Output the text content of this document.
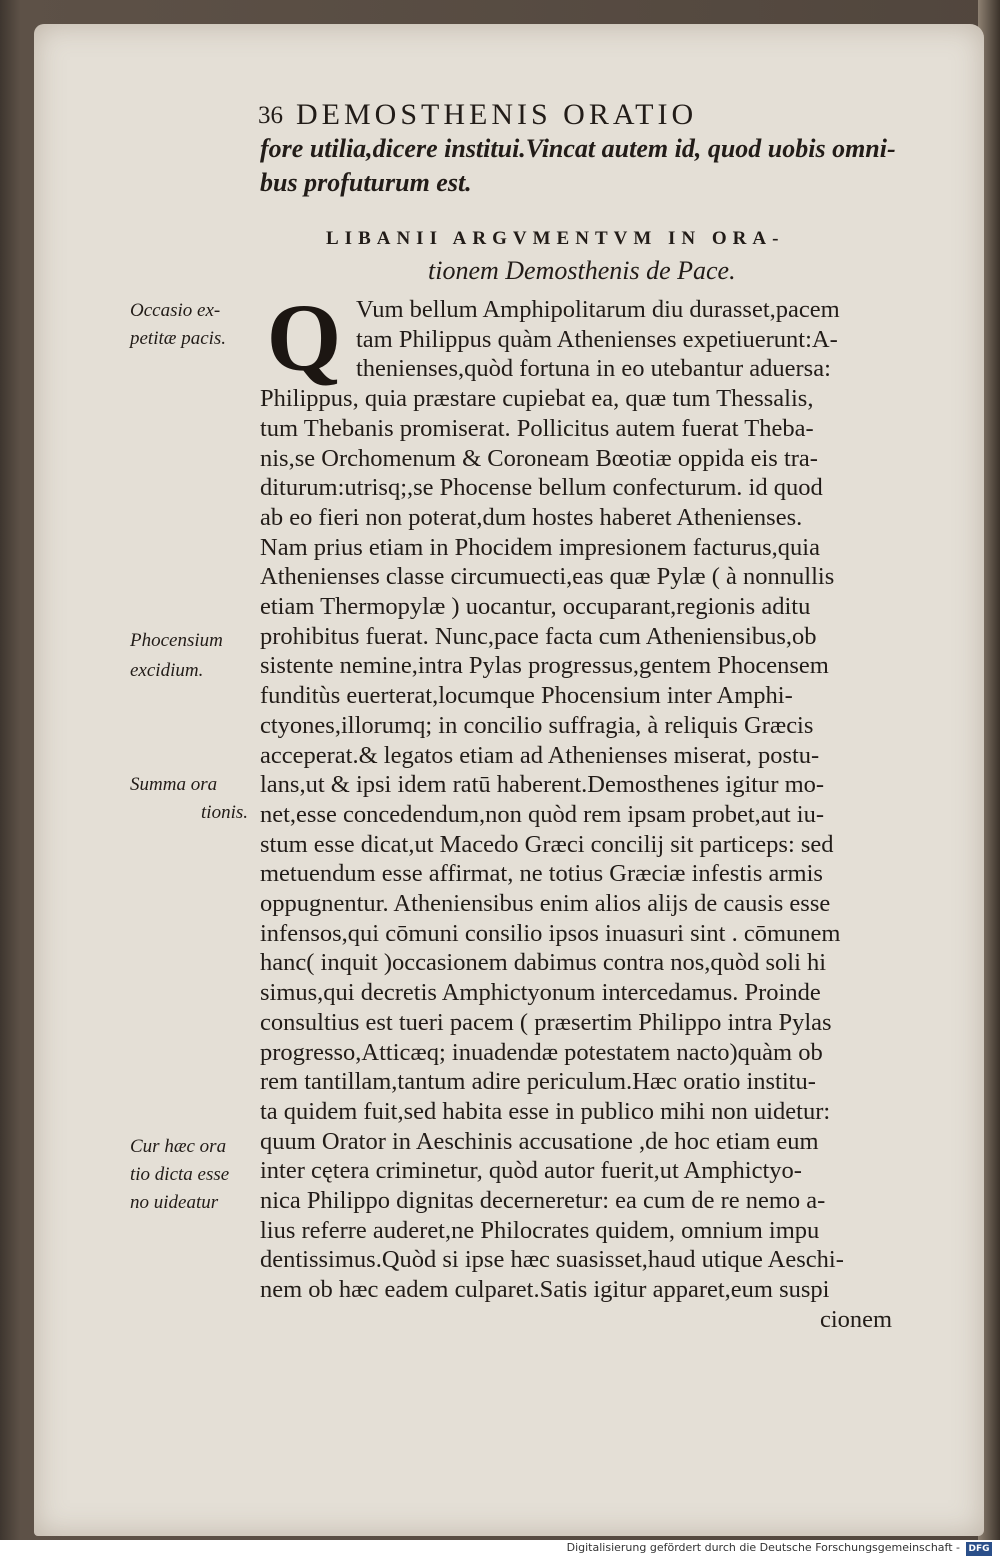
36 DEMOSTHENIS ORATIO
fore utilia,dicere institui.Vincat autem id, quod uobis omni-
bus profuturum est.
LIBANII ARGVMENTVM IN ORA-
tionem Demosthenis de Pace.
Q Vum bellum Amphipolitarum diu durasset,pacem
tam Philippus quàm Athenienses expetiuerunt:A-
thenienses,quòd fortuna in eo utebantur aduersa:
Philippus, quia præstare cupiebat ea, quæ tum Thessalis,
tum Thebanis promiserat. Pollicitus autem fuerat Theba-
nis,se Orchomenum & Coroneam Bœotiæ oppida eis tra-
diturum:utrisq;,se Phocense bellum confecturum. id quod
ab eo fieri non poterat,dum hostes haberet Athenienses.
Nam prius etiam in Phocidem impresionem facturus,quia
Athenienses classe circumuecti,eas quæ Pylæ ( à nonnullis
etiam Thermopylæ ) uocantur, occuparant,regionis aditu
prohibitus fuerat. Nunc,pace facta cum Atheniensibus,ob
sistente nemine,intra Pylas progressus,gentem Phocensem
funditùs euerterat,locumque Phocensium inter Amphi-
ctyones,illorumq; in concilio suffragia, à reliquis Græcis
acceperat.& legatos etiam ad Athenienses miserat, postu-
lans,ut & ipsi idem ratū haberent.Demosthenes igitur mo-
net,esse concedendum,non quòd rem ipsam probet,aut iu-
stum esse dicat,ut Macedo Græci concilij sit particeps: sed
metuendum esse affirmat, ne totius Græciæ infestis armis
oppugnentur. Atheniensibus enim alios alijs de causis esse
infensos,qui cōmuni consilio ipsos inuasuri sint . cōmunem
hanc( inquit )occasionem dabimus contra nos,quòd soli hi
simus,qui decretis Amphictyonum intercedamus. Proinde
consultius est tueri pacem ( præsertim Philippo intra Pylas
progresso,Atticæq; inuadendæ potestatem nacto)quàm ob
rem tantillam,tantum adire periculum.Hæc oratio institu-
ta quidem fuit,sed habita esse in publico mihi non uidetur:
quum Orator in Aeschinis accusatione ,de hoc etiam eum
inter cętera criminetur, quòd autor fuerit,ut Amphictyo-
nica Philippo dignitas decerneretur: ea cum de re nemo a-
lius referre auderet,ne Philocrates quidem, omnium impu
dentissimus.Quòd si ipse hæc suasisset,haud utique Aeschi-
nem ob hæc eadem culparet.Satis igitur apparet,eum suspi
cionem
Occasio ex-
petitæ pacis.
Phocensium
excidium.
Summa ora
tionis.
Cur hæc ora
tio dicta esse
no uideatur
Digitalisierung gefördert durch die Deutsche Forschungsgemeinschaft - DFG
